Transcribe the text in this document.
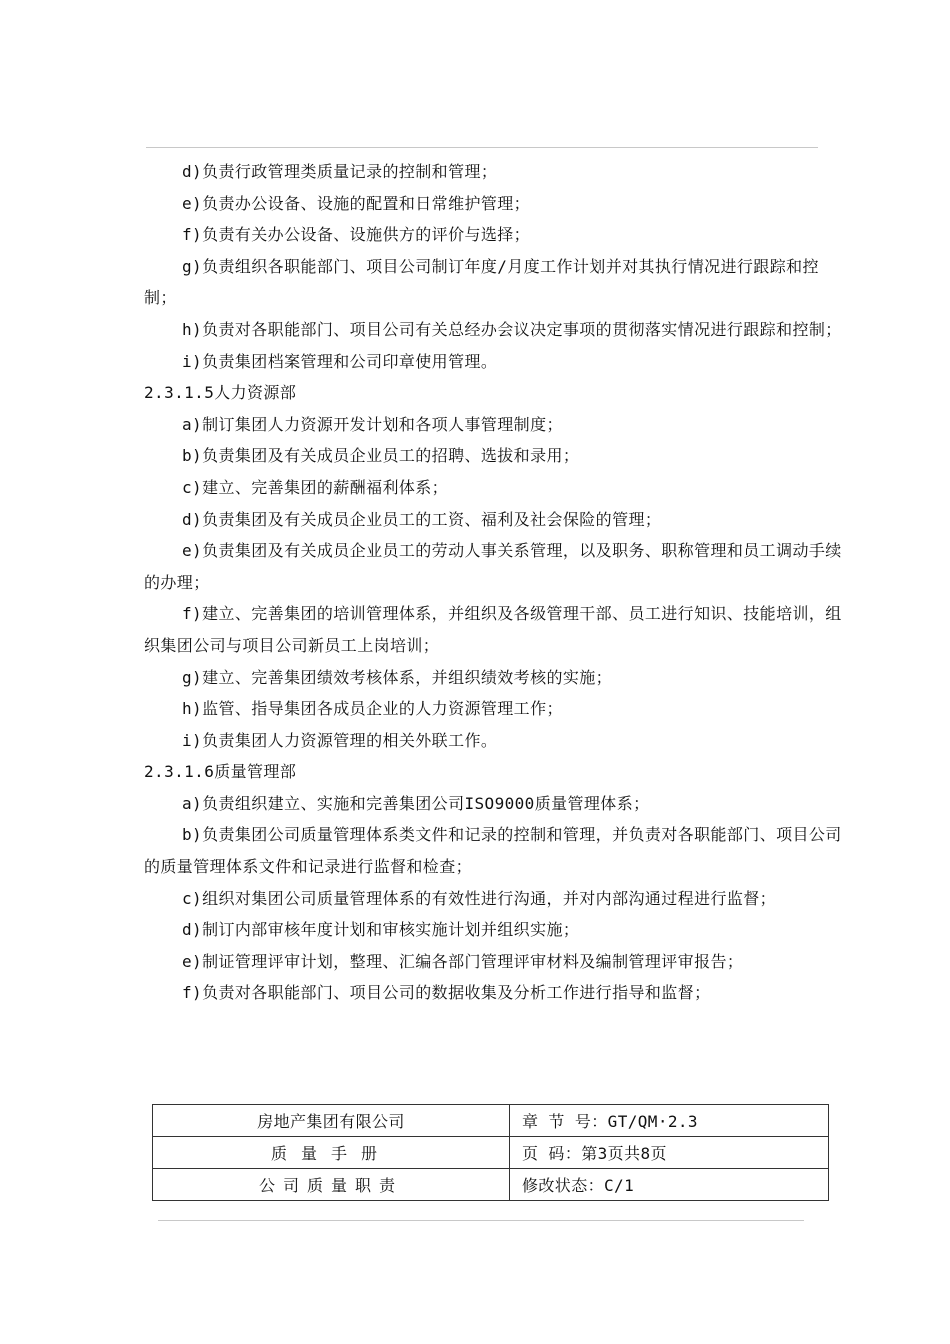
d)负责行政管理类质量记录的控制和管理；

e)负责办公设备、设施的配置和日常维护管理；

f)负责有关办公设备、设施供方的评价与选择；

g)负责组织各职能部门、项目公司制订年度/月度工作计划并对其执行情况进行跟踪和控制；

h)负责对各职能部门、项目公司有关总经办会议决定事项的贯彻落实情况进行跟踪和控制；

i)负责集团档案管理和公司印章使用管理。

2.3.1.5人力资源部

a)制订集团人力资源开发计划和各项人事管理制度；

b)负责集团及有关成员企业员工的招聘、选拔和录用；

c)建立、完善集团的薪酬福利体系；

d)负责集团及有关成员企业员工的工资、福利及社会保险的管理；

e)负责集团及有关成员企业员工的劳动人事关系管理，以及职务、职称管理和员工调动手续的办理；

f)建立、完善集团的培训管理体系，并组织及各级管理干部、员工进行知识、技能培训，组织集团公司与项目公司新员工上岗培训；

g)建立、完善集团绩效考核体系，并组织绩效考核的实施；

h)监管、指导集团各成员企业的人力资源管理工作；

i)负责集团人力资源管理的相关外联工作。

2.3.1.6质量管理部

a)负责组织建立、实施和完善集团公司ISO9000质量管理体系；

b)负责集团公司质量管理体系类文件和记录的控制和管理，并负责对各职能部门、项目公司的质量管理体系文件和记录进行监督和检查；

c)组织对集团公司质量管理体系的有效性进行沟通，并对内部沟通过程进行监督；

d)制订内部审核年度计划和审核实施计划并组织实施；

e)制证管理评审计划，整理、汇编各部门管理评审材料及编制管理评审报告；

f)负责对各职能部门、项目公司的数据收集及分析工作进行指导和监督；

房地产集团有限公司	章 节 号：GT/QM·2.3
质量手册	页 码：第3页共8页
公司质量职责	修改状态：C/1
